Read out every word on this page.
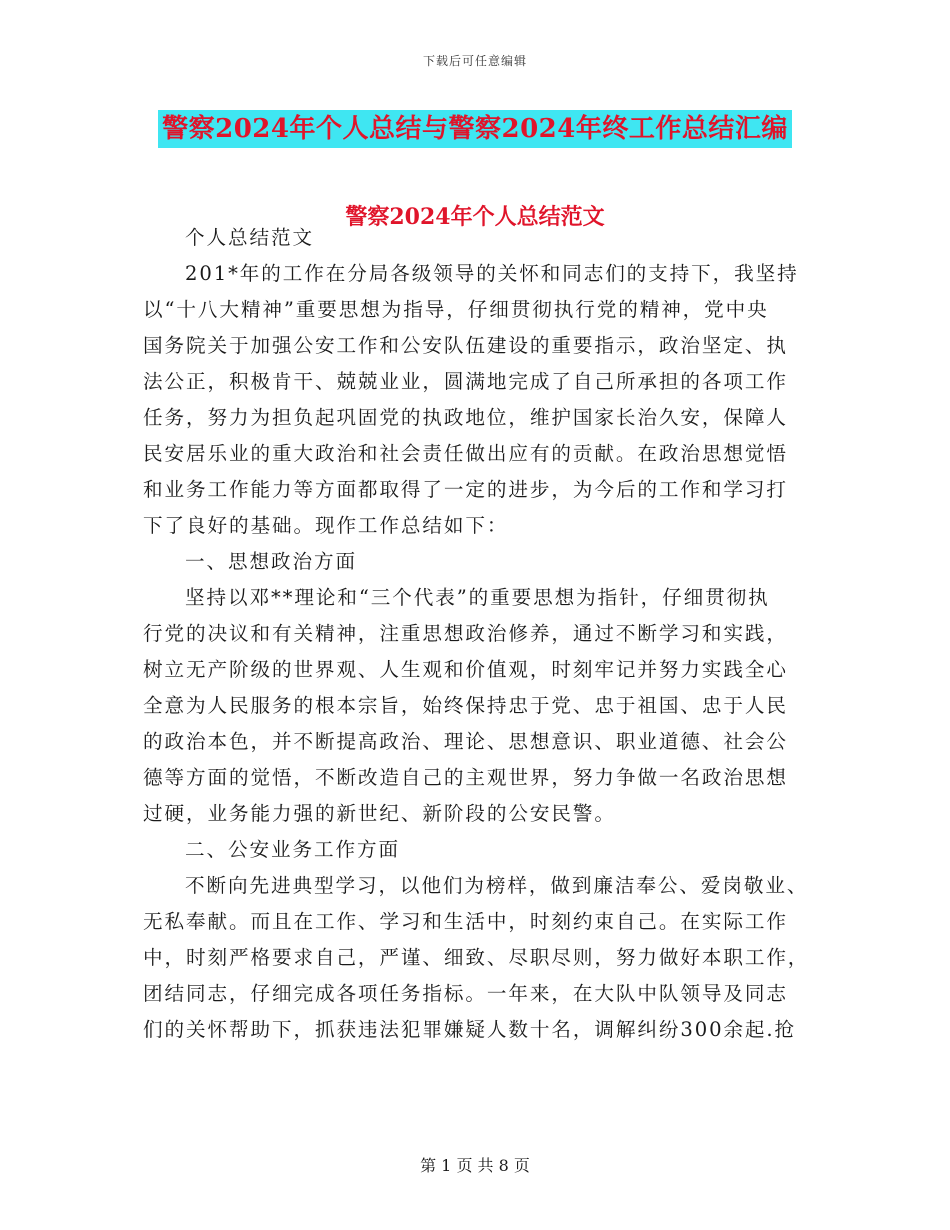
下载后可任意编辑
警察2024年个人总结与警察2024年终工作总结汇编
警察2024年个人总结范文
个人总结范文
201*年的工作在分局各级领导的关怀和同志们的支持下，我坚持
以“十八大精神”重要思想为指导，仔细贯彻执行党的精神，党中央
国务院关于加强公安工作和公安队伍建设的重要指示，政治坚定、执
法公正，积极肯干、兢兢业业，圆满地完成了自己所承担的各项工作
任务，努力为担负起巩固党的执政地位，维护国家长治久安，保障人
民安居乐业的重大政治和社会责任做出应有的贡献。在政治思想觉悟
和业务工作能力等方面都取得了一定的进步，为今后的工作和学习打
下了良好的基础。现作工作总结如下：
一、思想政治方面
坚持以邓**理论和“三个代表”的重要思想为指针，仔细贯彻执
行党的决议和有关精神，注重思想政治修养，通过不断学习和实践，
树立无产阶级的世界观、人生观和价值观，时刻牢记并努力实践全心
全意为人民服务的根本宗旨，始终保持忠于党、忠于祖国、忠于人民
的政治本色，并不断提高政治、理论、思想意识、职业道德、社会公
德等方面的觉悟，不断改造自己的主观世界，努力争做一名政治思想
过硬，业务能力强的新世纪、新阶段的公安民警。
二、公安业务工作方面
不断向先进典型学习，以他们为榜样，做到廉洁奉公、爱岗敬业、
无私奉献。而且在工作、学习和生活中，时刻约束自己。在实际工作
中，时刻严格要求自己，严谨、细致、尽职尽则，努力做好本职工作，
团结同志，仔细完成各项任务指标。一年来，在大队中队领导及同志
们的关怀帮助下，抓获违法犯罪嫌疑人数十名，调解纠纷300余起.抢
第 1 页 共 8 页
